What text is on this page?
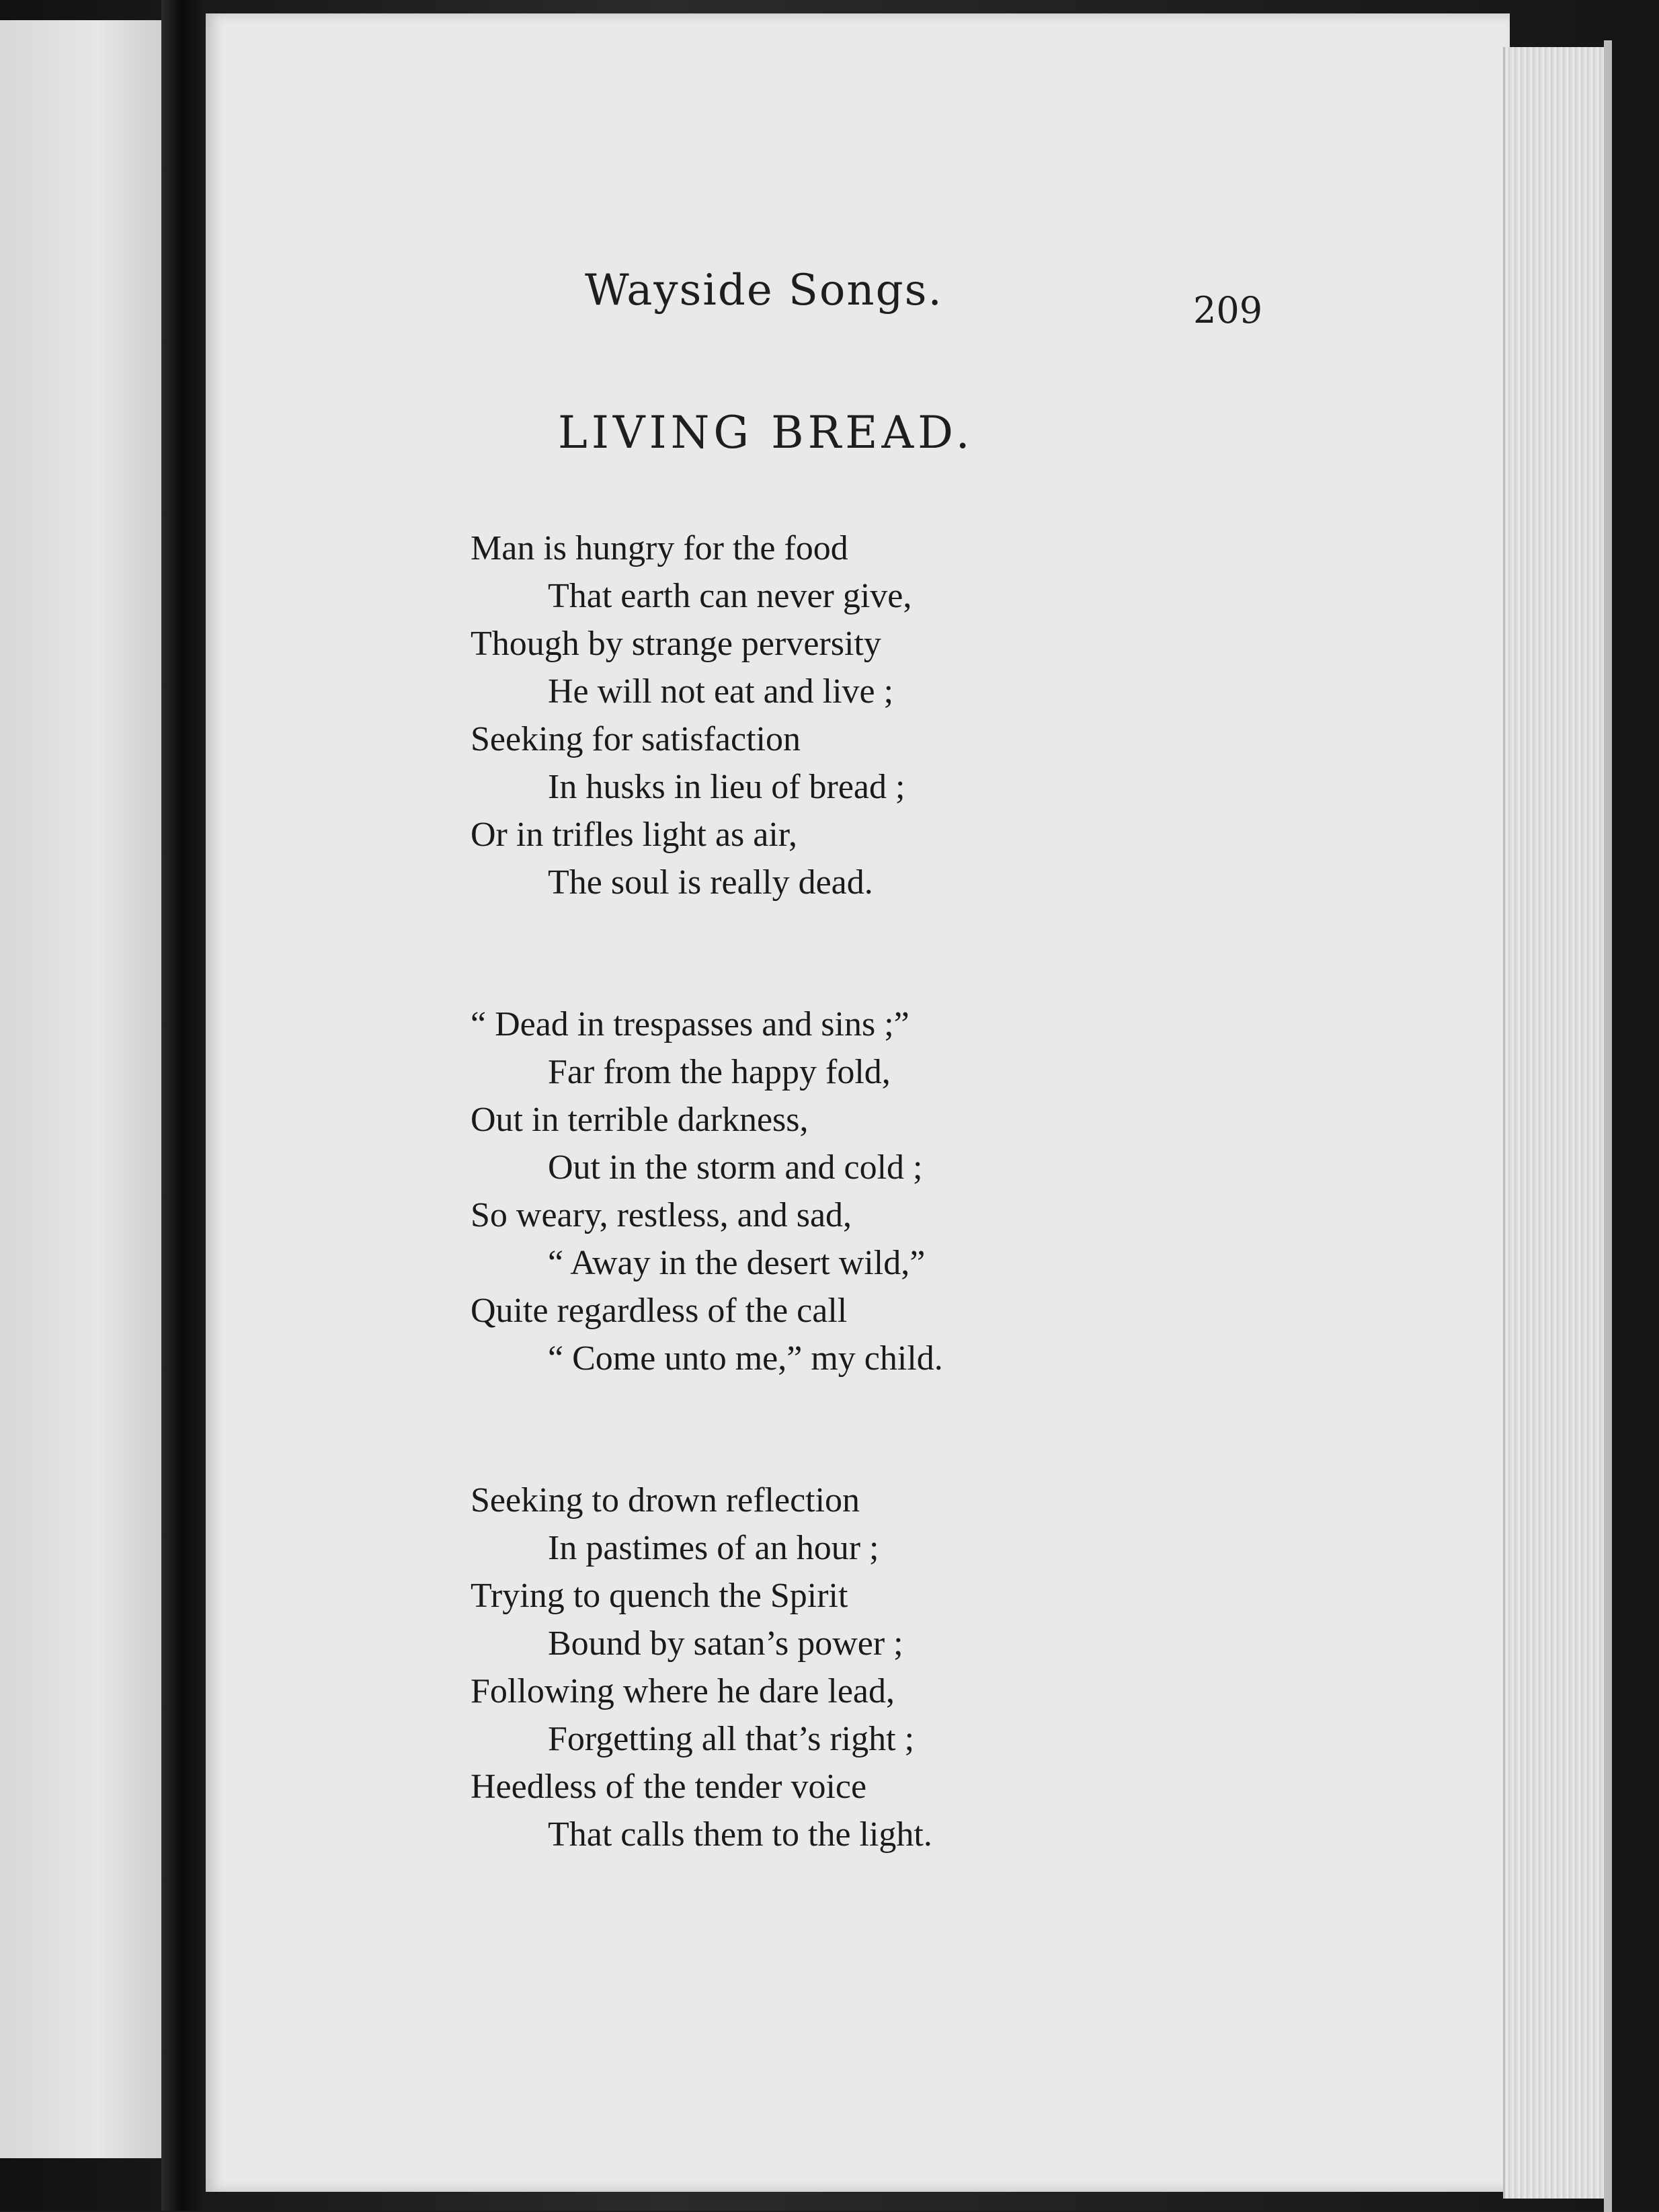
Wayside Songs.	209
LIVING BREAD.
Man is hungry for the food
That earth can never give,
Though by strange perversity
He will not eat and live ;
Seeking for satisfaction
In husks in lieu of bread ;
Or in trifles light as air,
The soul is really dead.
“ Dead in trespasses and sins ;”
Far from the happy fold,
Out in terrible darkness,
Out in the storm and cold ;
So weary, restless, and sad,
“ Away in the desert wild,”
Quite regardless of the call
“ Come unto me,” my child.
Seeking to drown reflection
In pastimes of an hour ;
Trying to quench the Spirit
Bound by satan’s power ;
Following where he dare lead,
Forgetting all that’s right ;
Heedless of the tender voice
That calls them to the light.
